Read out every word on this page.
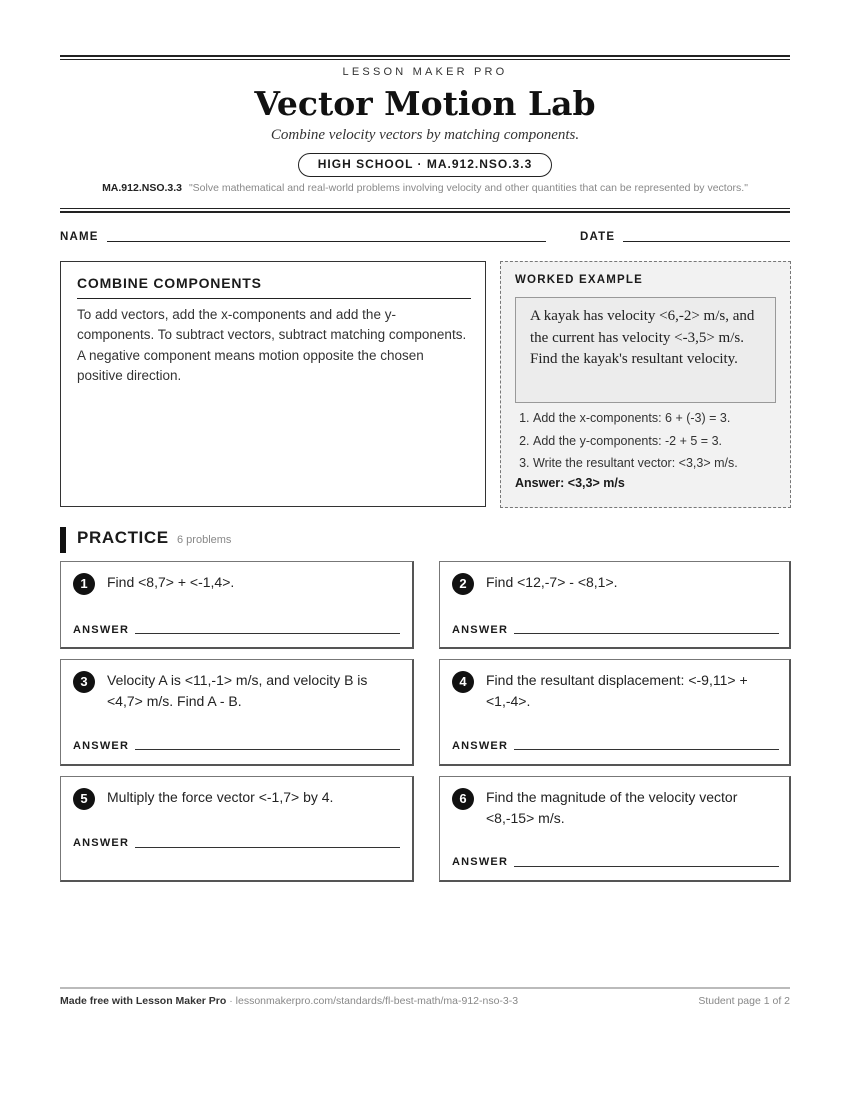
LESSON MAKER PRO
Vector Motion Lab
Combine velocity vectors by matching components.
HIGH SCHOOL · MA.912.NSO.3.3
MA.912.NSO.3.3 "Solve mathematical and real-world problems involving velocity and other quantities that can be represented by vectors."
NAME	DATE
COMBINE COMPONENTS

To add vectors, add the x-components and add the y-components. To subtract vectors, subtract matching components. A negative component means motion opposite the chosen positive direction.

WORKED EXAMPLE

A kayak has velocity <6,-2> m/s, and the current has velocity <-3,5> m/s. Find the kayak's resultant velocity.

1. Add the x-components: 6 + (-3) = 3.
2. Add the y-components: -2 + 5 = 3.
3. Write the resultant vector: <3,3> m/s.
Answer: <3,3> m/s
PRACTICE 6 problems
1	Find <8,7> + <-1,4>.
ANSWER
2	Find <12,-7> - <8,1>.
ANSWER
3	Velocity A is <11,-1> m/s, and velocity B is <4,7> m/s. Find A - B.
ANSWER
4	Find the resultant displacement: <-9,11> + <1,-4>.
ANSWER
5	Multiply the force vector <-1,7> by 4.
ANSWER
6	Find the magnitude of the velocity vector <8,-15> m/s.
ANSWER
Made free with Lesson Maker Pro · lessonmakerpro.com/standards/fl-best-math/ma-912-nso-3-3	Student page 1 of 2
